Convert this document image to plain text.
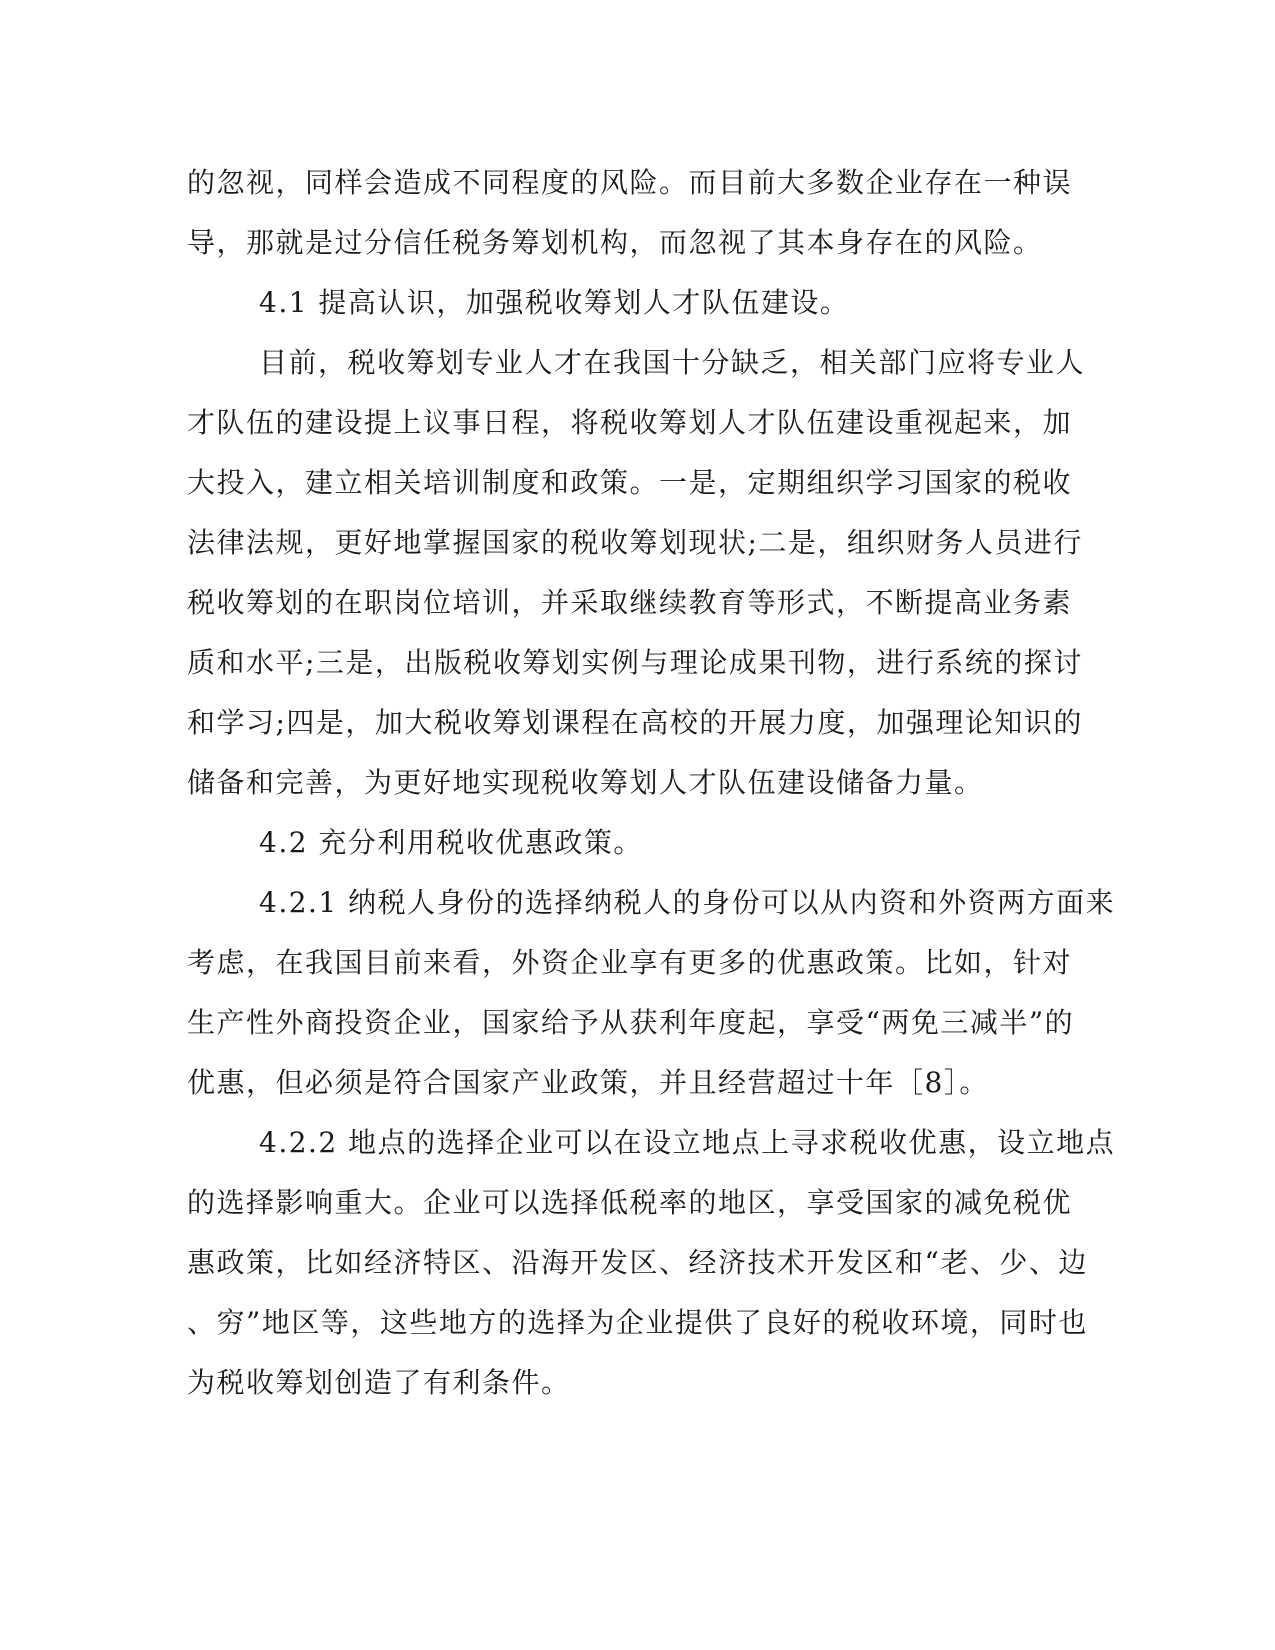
的忽视，同样会造成不同程度的风险。而目前大多数企业存在一种误
导，那就是过分信任税务筹划机构，而忽视了其本身存在的风险。
4.1 提高认识，加强税收筹划人才队伍建设。
目前，税收筹划专业人才在我国十分缺乏，相关部门应将专业人
才队伍的建设提上议事日程，将税收筹划人才队伍建设重视起来，加
大投入，建立相关培训制度和政策。一是，定期组织学习国家的税收
法律法规，更好地掌握国家的税收筹划现状;二是，组织财务人员进行
税收筹划的在职岗位培训，并采取继续教育等形式，不断提高业务素
质和水平;三是，出版税收筹划实例与理论成果刊物，进行系统的探讨
和学习;四是，加大税收筹划课程在高校的开展力度，加强理论知识的
储备和完善，为更好地实现税收筹划人才队伍建设储备力量。
4.2 充分利用税收优惠政策。
4.2.1 纳税人身份的选择纳税人的身份可以从内资和外资两方面来
考虑，在我国目前来看，外资企业享有更多的优惠政策。比如，针对
生产性外商投资企业，国家给予从获利年度起，享受“两免三减半”的
优惠，但必须是符合国家产业政策，并且经营超过十年［8］。
4.2.2 地点的选择企业可以在设立地点上寻求税收优惠，设立地点
的选择影响重大。企业可以选择低税率的地区，享受国家的减免税优
惠政策，比如经济特区、沿海开发区、经济技术开发区和“老、少、边
、穷”地区等，这些地方的选择为企业提供了良好的税收环境，同时也
为税收筹划创造了有利条件。
